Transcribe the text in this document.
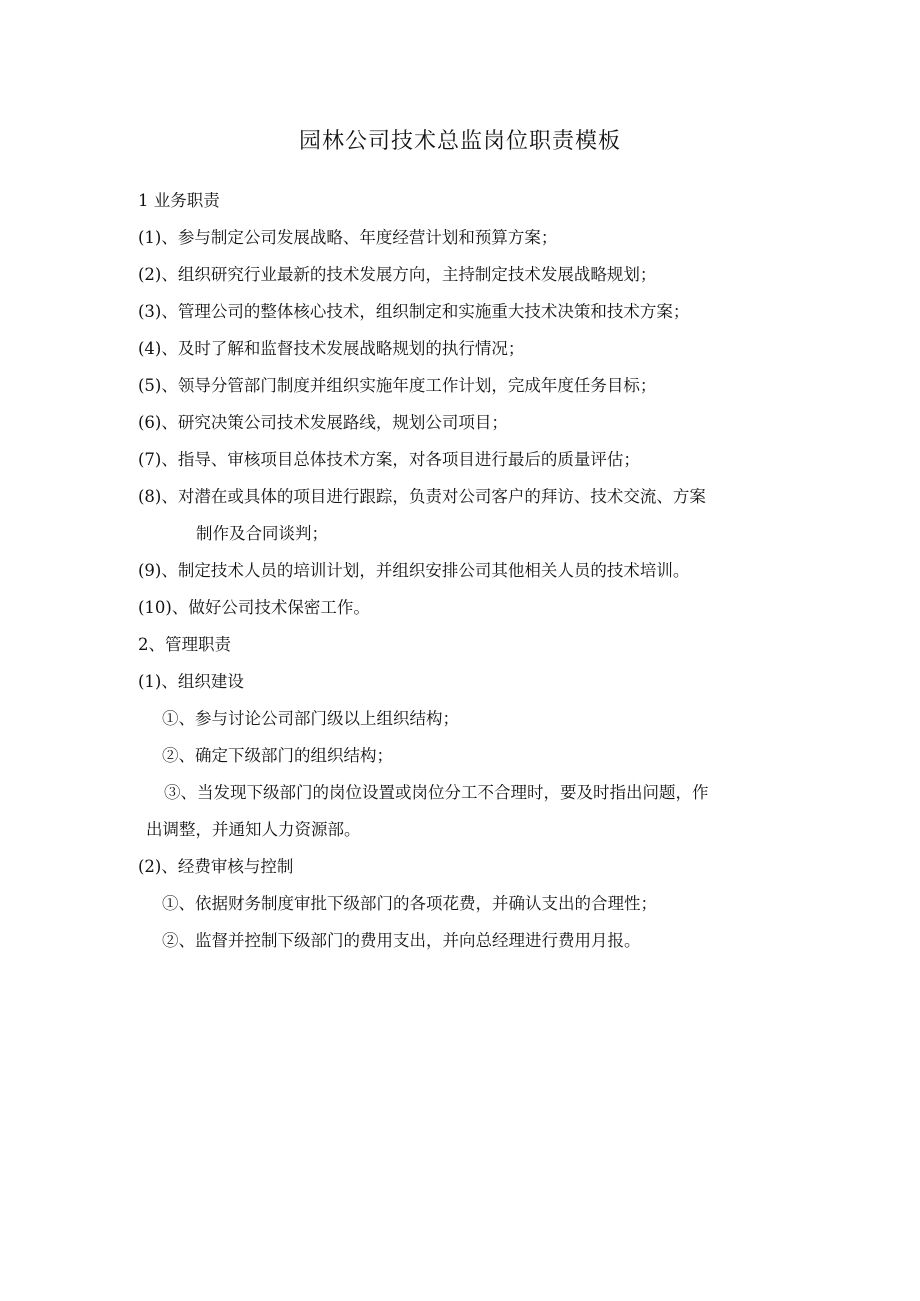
园林公司技术总监岗位职责模板
1 业务职责
(1)、参与制定公司发展战略、年度经营计划和预算方案；
(2)、组织研究行业最新的技术发展方向，主持制定技术发展战略规划；
(3)、管理公司的整体核心技术，组织制定和实施重大技术决策和技术方案；
(4)、及时了解和监督技术发展战略规划的执行情况；
(5)、领导分管部门制度并组织实施年度工作计划，完成年度任务目标；
(6)、研究决策公司技术发展路线，规划公司项目；
(7)、指导、审核项目总体技术方案，对各项目进行最后的质量评估；
(8)、对潜在或具体的项目进行跟踪，负责对公司客户的拜访、技术交流、方案
制作及合同谈判；
(9)、制定技术人员的培训计划，并组织安排公司其他相关人员的技术培训。
(10)、做好公司技术保密工作。
2、管理职责
(1)、组织建设
①、参与讨论公司部门级以上组织结构；
②、确定下级部门的组织结构；
③、当发现下级部门的岗位设置或岗位分工不合理时，要及时指出问题，作
出调整，并通知人力资源部。
(2)、经费审核与控制
①、依据财务制度审批下级部门的各项花费，并确认支出的合理性；
②、监督并控制下级部门的费用支出，并向总经理进行费用月报。
